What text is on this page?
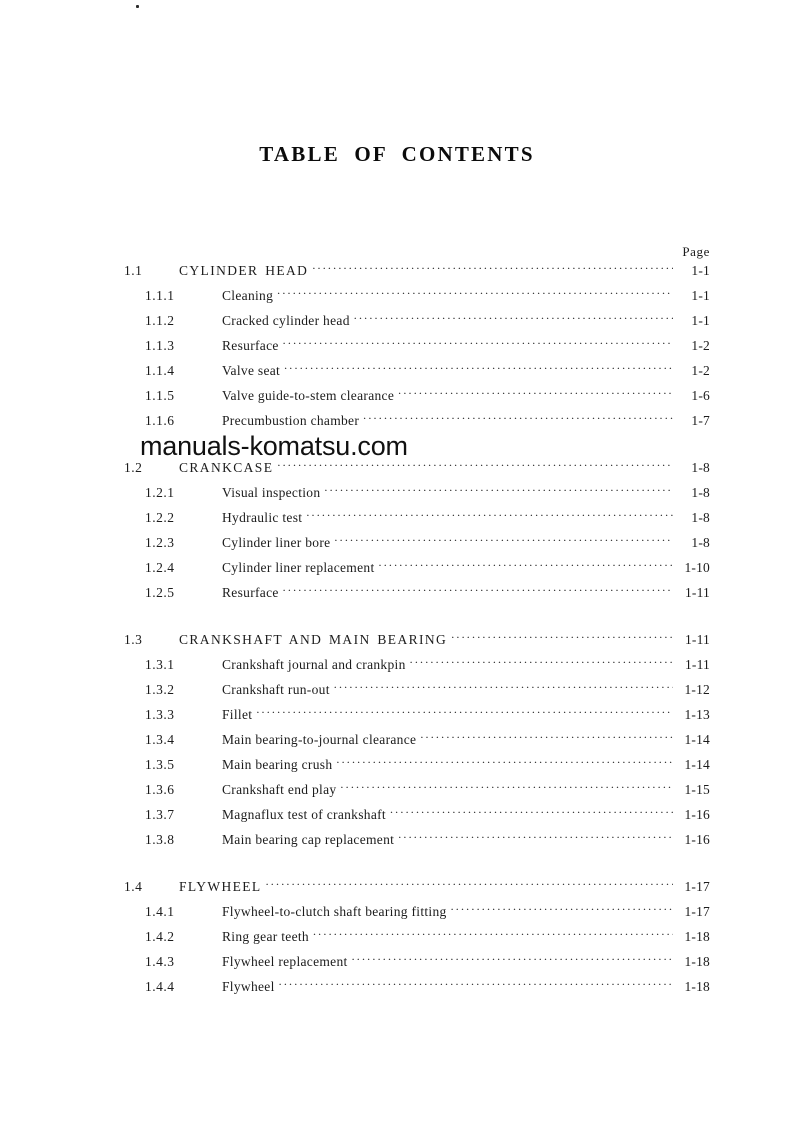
TABLE OF CONTENTS
Page
1.1	CYLINDER HEAD . . .	1-1
1.1.1	Cleaning . . .	1-1
1.1.2	Cracked cylinder head . . .	1-1
1.1.3	Resurface . . .	1-2
1.1.4	Valve seat . . .	1-2
1.1.5	Valve guide-to-stem clearance . . .	1-6
1.1.6	Precumbustion chamber . . .	1-7
1.2	CRANKCASE . . .	1-8
1.2.1	Visual inspection . . .	1-8
1.2.2	Hydraulic test . . .	1-8
1.2.3	Cylinder liner bore . . .	1-8
1.2.4	Cylinder liner replacement . . .	1-10
1.2.5	Resurface . . .	1-11
1.3	CRANKSHAFT AND MAIN BEARING . . .	1-11
1.3.1	Crankshaft journal and crankpin . . .	1-11
1.3.2	Crankshaft run-out . . .	1-12
1.3.3	Fillet . . .	1-13
1.3.4	Main bearing-to-journal clearance . . .	1-14
1.3.5	Main bearing crush . . .	1-14
1.3.6	Crankshaft end play . . .	1-15
1.3.7	Magnaflux test of crankshaft . . .	1-16
1.3.8	Main bearing cap replacement . . .	1-16
1.4	FLYWHEEL . . .	1-17
1.4.1	Flywheel-to-clutch shaft bearing fitting . . .	1-17
1.4.2	Ring gear teeth . . .	1-18
1.4.3	Flywheel replacement . . .	1-18
1.4.4	Flywheel . . .	1-18
manuals-komatsu.com
